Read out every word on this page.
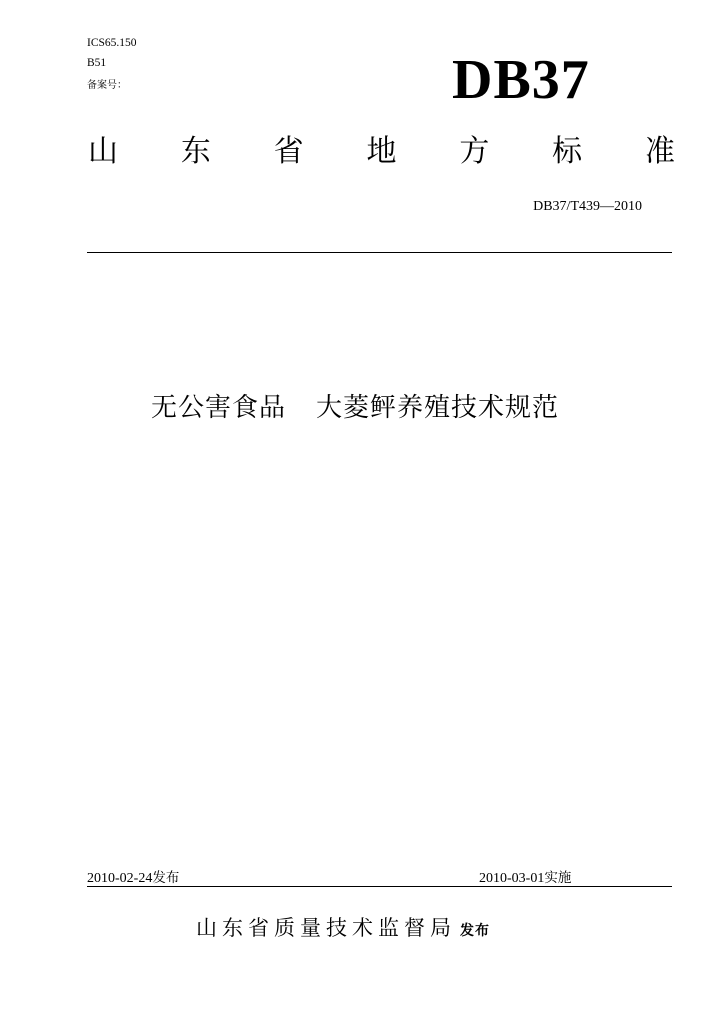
ICS65.150
B51
备案号：	DB37
山 东 省 地 方 标 准
DB37/T439—2010
无公害食品 大菱鲆养殖技术规范
2010-02-24发布	2010-03-01实施
山东省质量技术监督局 发布
